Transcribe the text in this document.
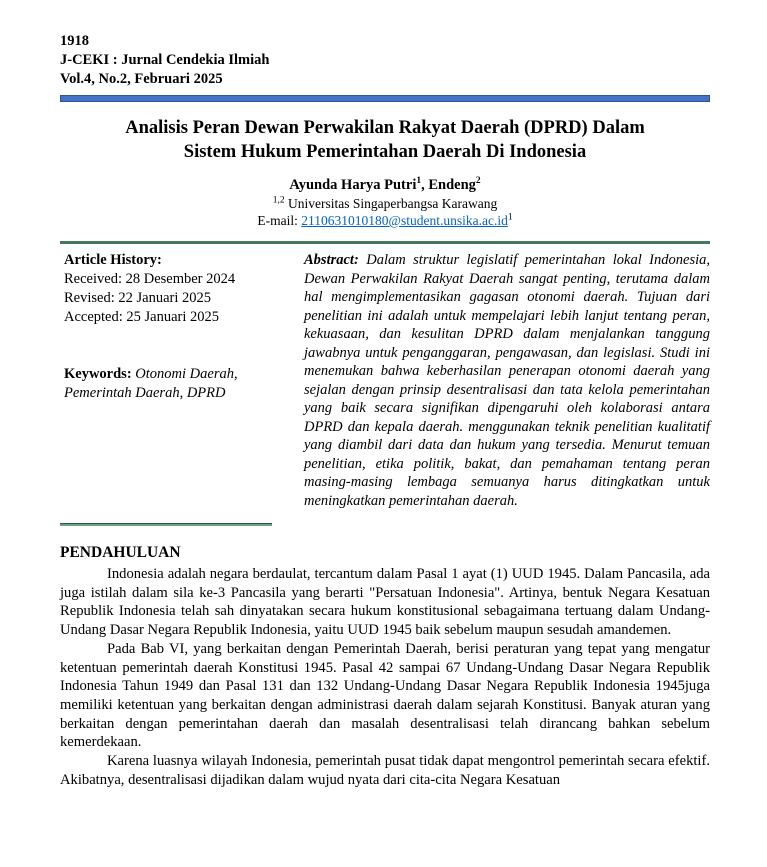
1918
J-CEKI : Jurnal Cendekia Ilmiah
Vol.4, No.2, Februari 2025
Analisis Peran Dewan Perwakilan Rakyat Daerah (DPRD) Dalam
Sistem Hukum Pemerintahan Daerah Di Indonesia
Ayunda Harya Putri$^1$, Endeng$^2$
$^{1,2}$ Universitas Singaperbangsa Karawang
E-mail: $2110631010180@student.unsika.ac.id^1$
Article History:
Received: 28 Desember 2024
Revised: 22 Januari 2025
Accepted: 25 Januari 2025
Keywords: Otonomi Daerah, Pemerintah Daerah, DPRD

Abstract: Dalam struktur legislatif pemerintahan lokal Indonesia, Dewan Perwakilan Rakyat Daerah sangat penting, terutama dalam hal mengimplementasikan gagasan otonomi daerah. Tujuan dari penelitian ini adalah untuk mempelajari lebih lanjut tentang peran, kekuasaan, dan kesulitan DPRD dalam menjalankan tanggung jawabnya untuk penganggaran, pengawasan, dan legislasi. Studi ini menemukan bahwa keberhasilan penerapan otonomi daerah yang sejalan dengan prinsip desentralisasi dan tata kelola pemerintahan yang baik secara signifikan dipengaruhi oleh kolaborasi antara DPRD dan kepala daerah. menggunakan teknik penelitian kualitatif yang diambil dari data dan hukum yang tersedia. Menurut temuan penelitian, etika politik, bakat, dan pemahaman tentang peran masing-masing lembaga semuanya harus ditingkatkan untuk meningkatkan pemerintahan daerah.

PENDAHULUAN

Indonesia adalah negara berdaulat, tercantum dalam Pasal 1 ayat (1) UUD 1945. Dalam Pancasila, ada juga istilah dalam sila ke-3 Pancasila yang berarti "Persatuan Indonesia". Artinya, bentuk Negara Kesatuan Republik Indonesia telah sah dinyatakan secara hukum konstitusional sebagaimana tertuang dalam Undang-Undang Dasar Negara Republik Indonesia, yaitu UUD 1945 baik sebelum maupun sesudah amandemen.

Pada Bab VI, yang berkaitan dengan Pemerintah Daerah, berisi peraturan yang tepat yang mengatur ketentuan pemerintah daerah Konstitusi 1945. Pasal 42 sampai 67 Undang-Undang Dasar Negara Republik Indonesia Tahun 1949 dan Pasal 131 dan 132 Undang-Undang Dasar Negara Republik Indonesia 1945juga memiliki ketentuan yang berkaitan dengan administrasi daerah dalam sejarah Konstitusi. Banyak aturan yang berkaitan dengan pemerintahan daerah dan masalah desentralisasi telah dirancang bahkan sebelum kemerdekaan.

Karena luasnya wilayah Indonesia, pemerintah pusat tidak dapat mengontrol pemerintah secara efektif. Akibatnya, desentralisasi dijadikan dalam wujud nyata dari cita-cita Negara Kesatuan
